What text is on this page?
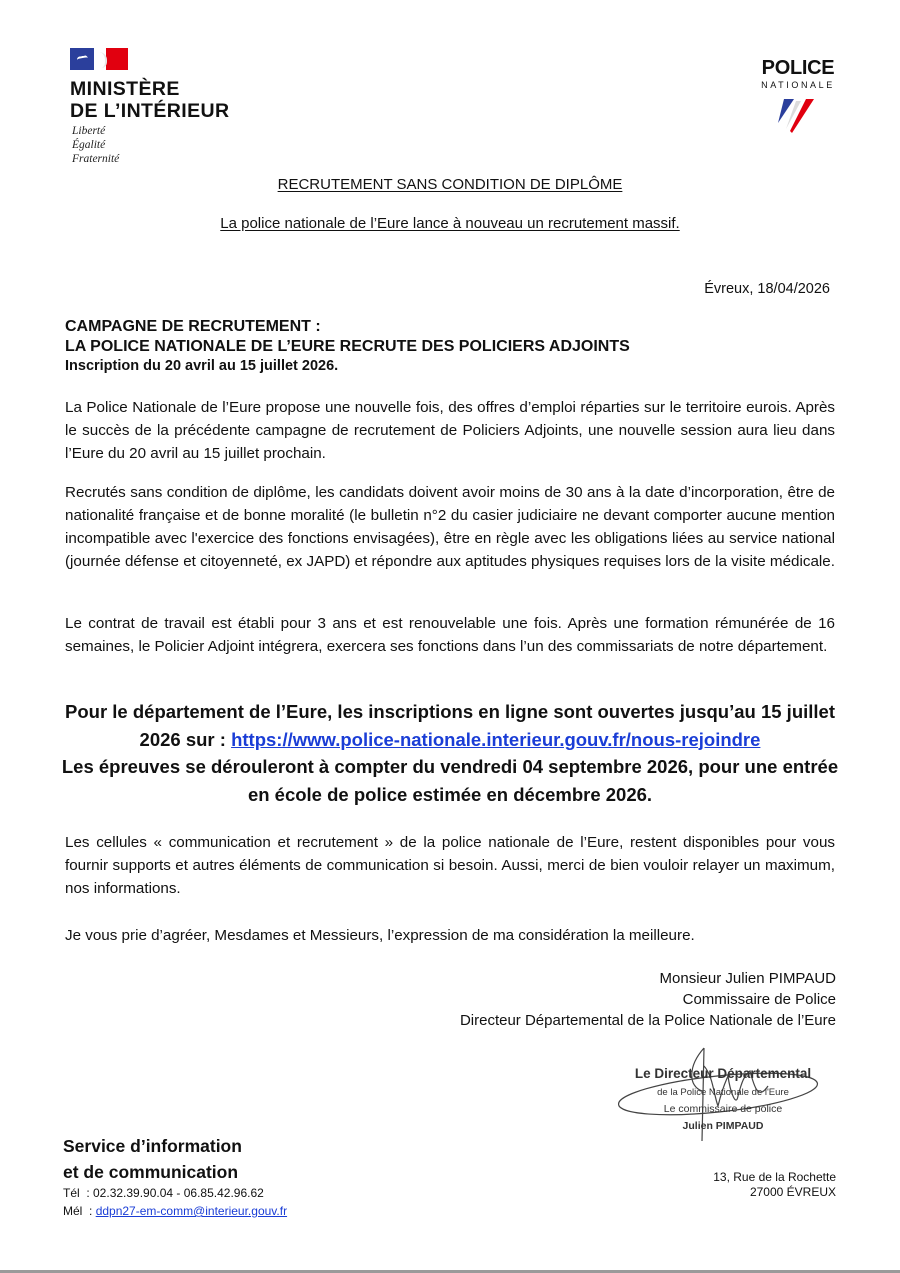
MINISTÈRE
DE L’INTÉRIEUR
Liberté
Égalité
Fraternité
POLICE
NATIONALE
RECRUTEMENT SANS CONDITION DE DIPLÔME
La police nationale de l’Eure lance à nouveau un recrutement massif.
Évreux, 18/04/2026
CAMPAGNE DE RECRUTEMENT :
LA POLICE NATIONALE DE L’EURE RECRUTE DES POLICIERS ADJOINTS
Inscription du 20 avril au 15 juillet 2026.
La Police Nationale de l’Eure propose une nouvelle fois, des offres d’emploi réparties sur le territoire eurois. Après le succès de la précédente campagne de recrutement de Policiers Adjoints, une nouvelle session aura lieu dans l’Eure du 20 avril au 15 juillet prochain.
Recrutés sans condition de diplôme, les candidats doivent avoir moins de 30 ans à la date d’incorporation, être de nationalité française et de bonne moralité (le bulletin n°2 du casier judiciaire ne devant comporter aucune mention incompatible avec l'exercice des fonctions envisagées), être en règle avec les obligations liées au service national (journée défense et citoyenneté, ex JAPD) et répondre aux aptitudes physiques requises lors de la visite médicale.
Le contrat de travail est établi pour 3 ans et est renouvelable une fois. Après une formation rémunérée de 16 semaines, le Policier Adjoint intégrera, exercera ses fonctions dans l’un des commissariats de notre département.
Pour le département de l’Eure, les inscriptions en ligne sont ouvertes jusqu’au 15 juillet 2026 sur : https://www.police-nationale.interieur.gouv.fr/nous-rejoindre
Les épreuves se dérouleront à compter du vendredi 04 septembre 2026, pour une entrée en école de police estimée en décembre 2026.
Les cellules « communication et recrutement » de la police nationale de l’Eure, restent disponibles pour vous fournir supports et autres éléments de communication si besoin. Aussi, merci de bien vouloir relayer un maximum, nos informations.
Je vous prie d’agréer, Mesdames et Messieurs, l’expression de ma considération la meilleure.
Monsieur Julien PIMPAUD
Commissaire de Police
Directeur Départemental de la Police Nationale de l’Eure
Le Directeur Départemental
de la Police Nationale de l'Eure
Le commissaire de police
Julien PIMPAUD
Service d’information
et de communication
Tél : 02.32.39.90.04 - 06.85.42.96.62
Mél : ddpn27-em-comm@interieur.gouv.fr
13, Rue de la Rochette
27000 ÉVREUX
